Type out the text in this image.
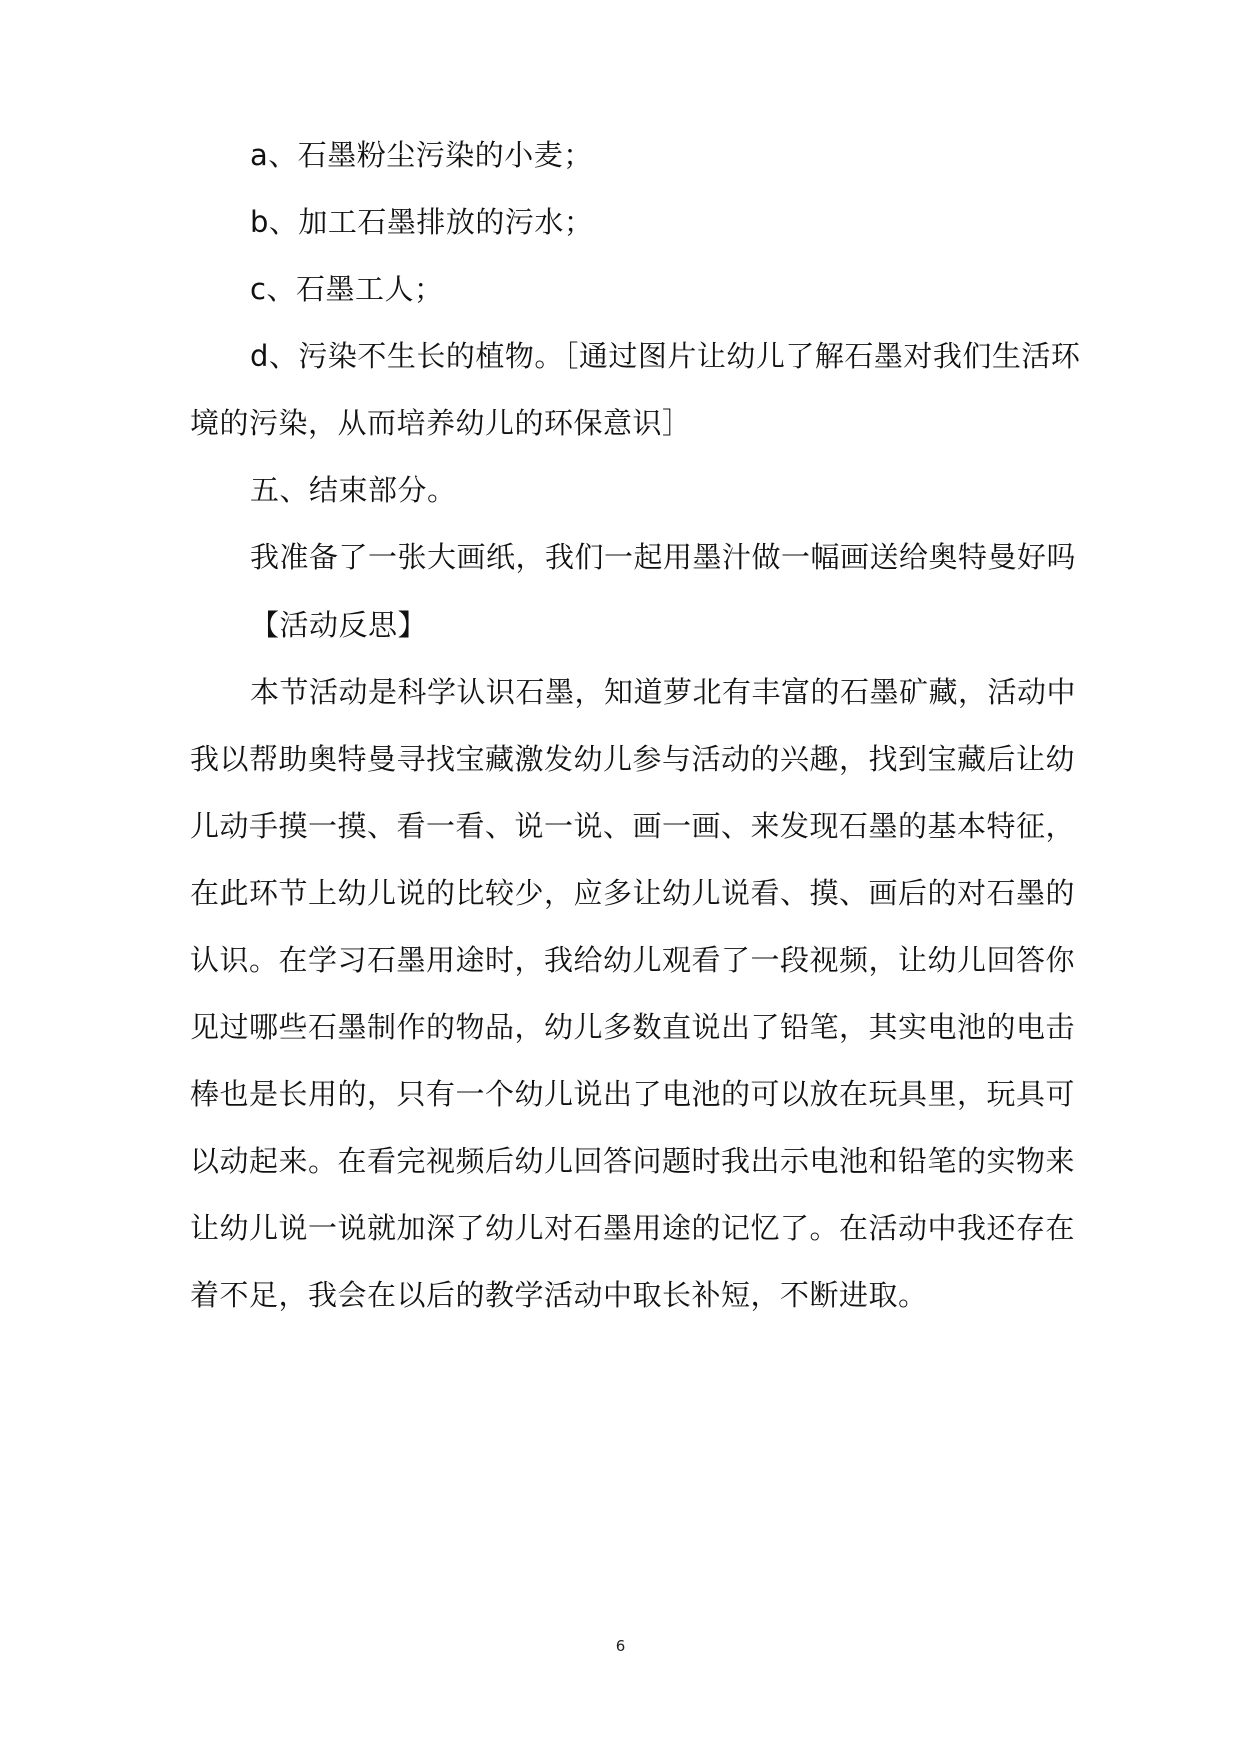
a、石墨粉尘污染的小麦；
b、加工石墨排放的污水；
c、石墨工人；
d、污染不生长的植物。［通过图片让幼儿了解石墨对我们生活环
境的污染，从而培养幼儿的环保意识］
五、结束部分。
我准备了一张大画纸，我们一起用墨汁做一幅画送给奥特曼好吗
【活动反思】
本节活动是科学认识石墨，知道萝北有丰富的石墨矿藏，活动中
我以帮助奥特曼寻找宝藏激发幼儿参与活动的兴趣，找到宝藏后让幼
儿动手摸一摸、看一看、说一说、画一画、来发现石墨的基本特征，
在此环节上幼儿说的比较少，应多让幼儿说看、摸、画后的对石墨的
认识。在学习石墨用途时，我给幼儿观看了一段视频，让幼儿回答你
见过哪些石墨制作的物品，幼儿多数直说出了铅笔，其实电池的电击
棒也是长用的，只有一个幼儿说出了电池的可以放在玩具里，玩具可
以动起来。在看完视频后幼儿回答问题时我出示电池和铅笔的实物来
让幼儿说一说就加深了幼儿对石墨用途的记忆了。在活动中我还存在
着不足，我会在以后的教学活动中取长补短，不断进取。
6
